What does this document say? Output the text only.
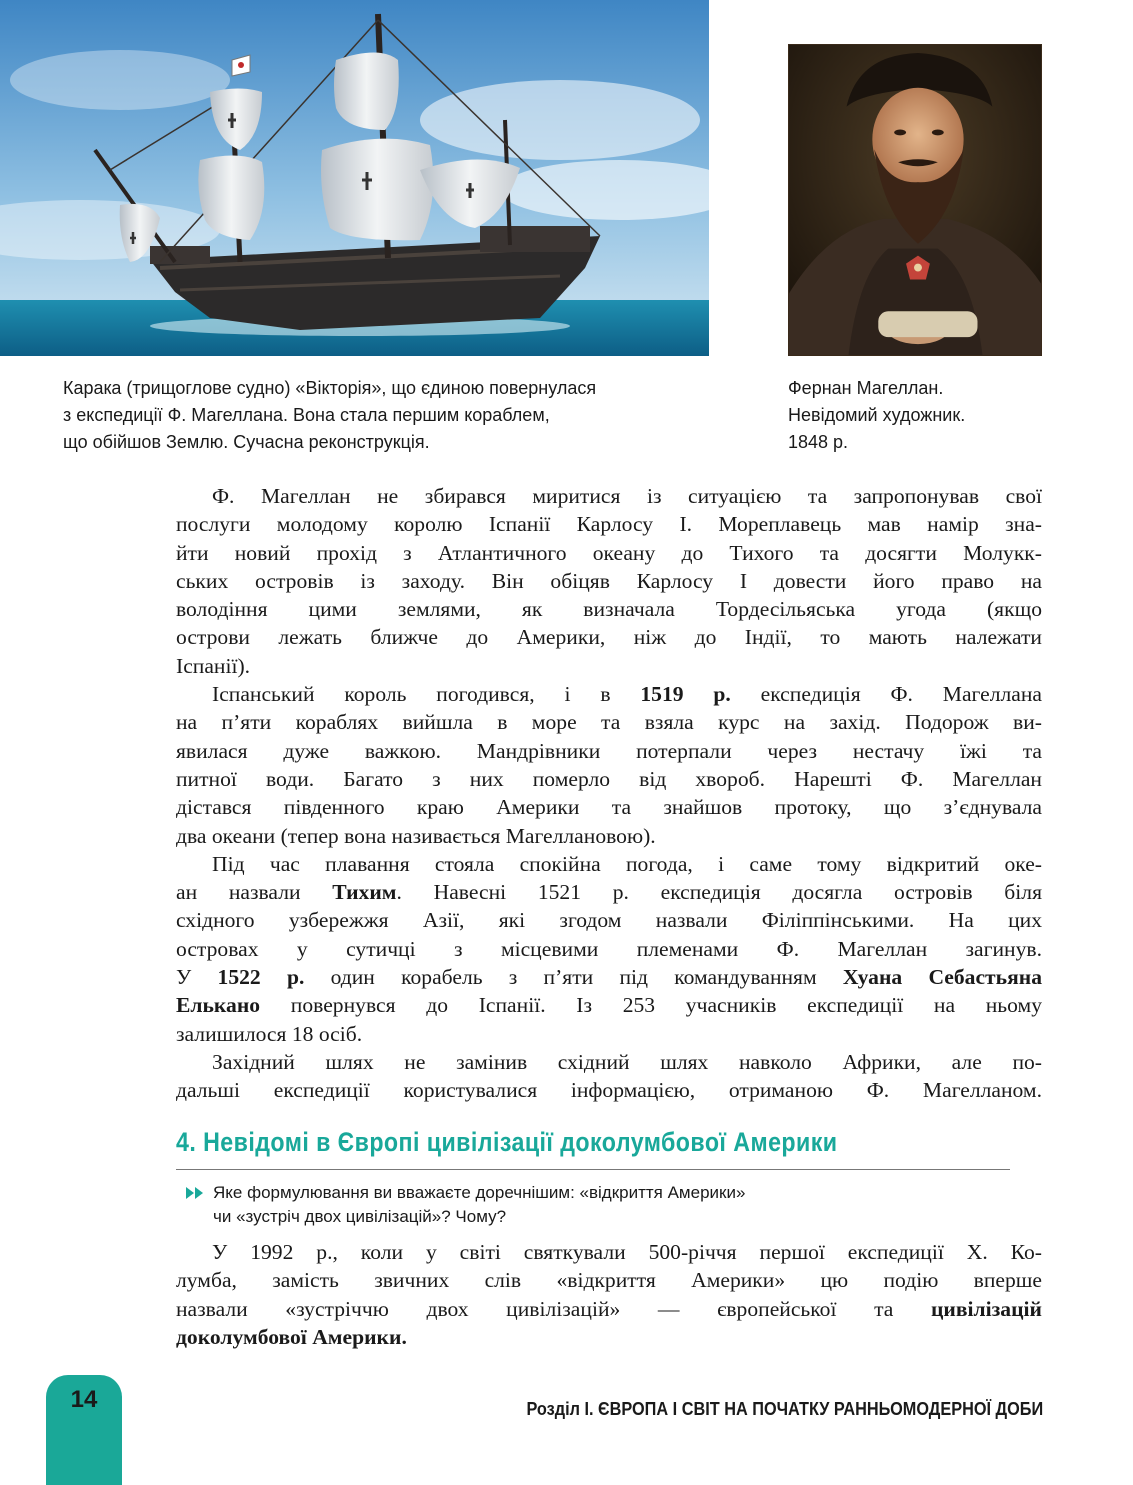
Каракa (трищоглове судно) «Вікторія», що єдиною повернулася
з експедиції Ф. Магеллана. Вона стала першим кораблем,
що обійшов Землю. Сучасна реконструкція.
Фернан Магеллан.
Невідомий художник.
1848 р.

Ф. Магеллан не збирався миритися із ситуацією та запропонував свої
послуги молодому королю Іспанії Карлосу I. Мореплавець мав намір зна-
йти новий прохід з Атлантичного океану до Тихого та досягти Молукк-
ських островів із заходу. Він обіцяв Карлосу I довести його право на
володіння цими землями, як визначала Тордесільяська угода (якщо
острови лежать ближче до Америки, ніж до Індії, то мають належати
Іспанії).

Іспанський король погодився, і в 1519 р. експедиція Ф. Магеллана
на п’яти кораблях вийшла в море та взяла курс на захід. Подорож ви-
явилася дуже важкою. Мандрівники потерпали через нестачу їжі та
питної води. Багато з них померло від хвороб. Нарешті Ф. Магеллан
дістався південного краю Америки та знайшов протоку, що з’єднувала
два океани (тепер вона називається Магеллановою).

Під час плавання стояла спокійна погода, і саме тому відкритий оке-
ан назвали Тихим. Навесні 1521 р. експедиція досягла островів біля
східного узбережжя Азії, які згодом назвали Філіппінськими. На цих
островах у сутичці з місцевими племенами Ф. Магеллан загинув.
У 1522 р. один корабель з п’яти під командуванням Хуана Себастьяна
Елькано повернувся до Іспанії. Із 253 учасників експедиції на ньому
залишилося 18 осіб.

Західний шлях не замінив східний шлях навколо Африки, але по-
дальші експедиції користувалися інформацією, отриманою Ф. Магелланом.

4. Невідомі в Європі цивілізації доколумбової Америки
Яке формулювання ви вважаєте доречнішим: «відкриття Америки»
чи «зустріч двох цивілізацій»? Чому?
У 1992 р., коли у світі святкували 500-річчя першої експедиції Х. Ко-
лумба, замість звичних слів «відкриття Америки» цю подію вперше
назвали «зустріччю двох цивілізацій» — європейської та цивілізацій
доколумбової Америки.
14	Розділ І. ЄВРОПА І СВІТ НА ПОЧАТКУ РАННЬОМОДЕРНОЇ ДОБИ
